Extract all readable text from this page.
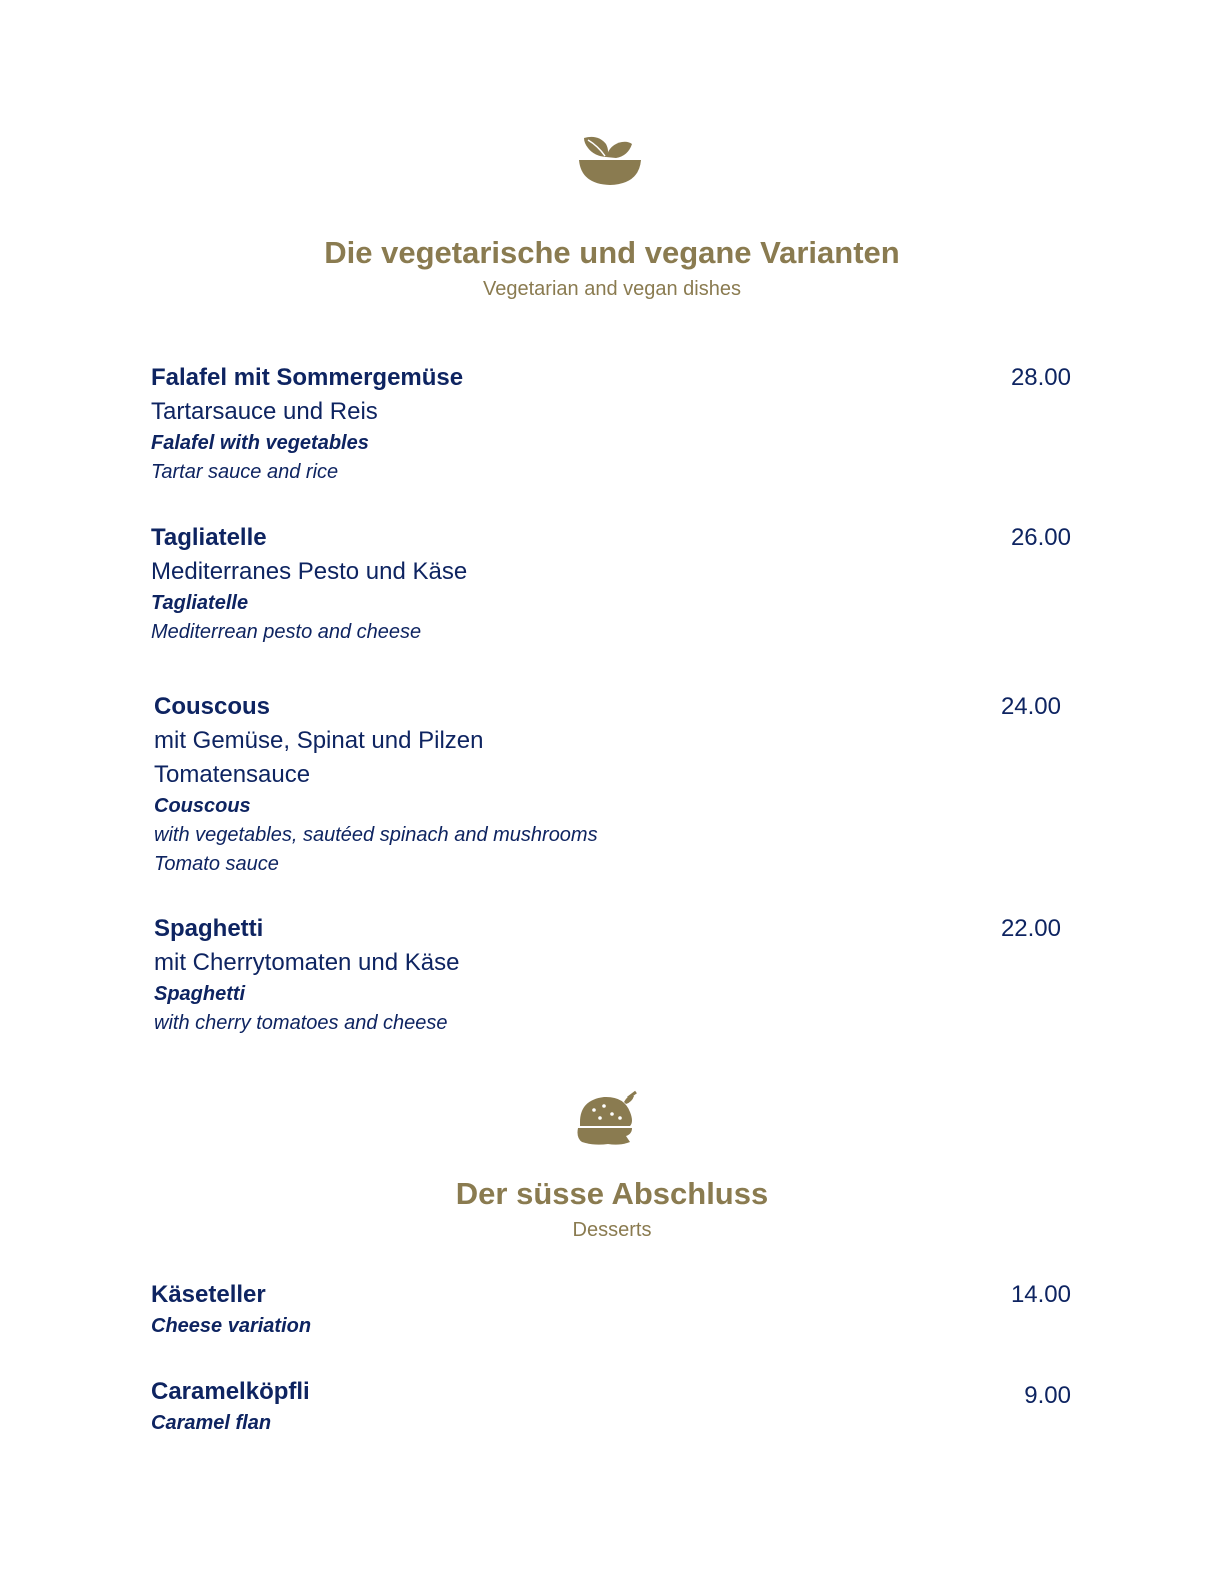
Die vegetarische und vegane Varianten
Vegetarian and vegan dishes
Falafel mit Sommergemüse
Tartarsauce und Reis
Falafel with vegetables
Tartar sauce and rice
28.00
Tagliatelle
Mediterranes Pesto und Käse
Tagliatelle
Mediterrean pesto and cheese
26.00
Couscous
mit Gemüse, Spinat und Pilzen
Tomatensauce
Couscous
with vegetables, sautéed spinach and mushrooms
Tomato sauce
24.00
Spaghetti
mit Cherrytomaten und Käse
Spaghetti
with cherry tomatoes and cheese
22.00
Der süsse Abschluss
Desserts
Käseteller
Cheese variation
14.00
Caramelköpfli
Caramel flan
9.00
